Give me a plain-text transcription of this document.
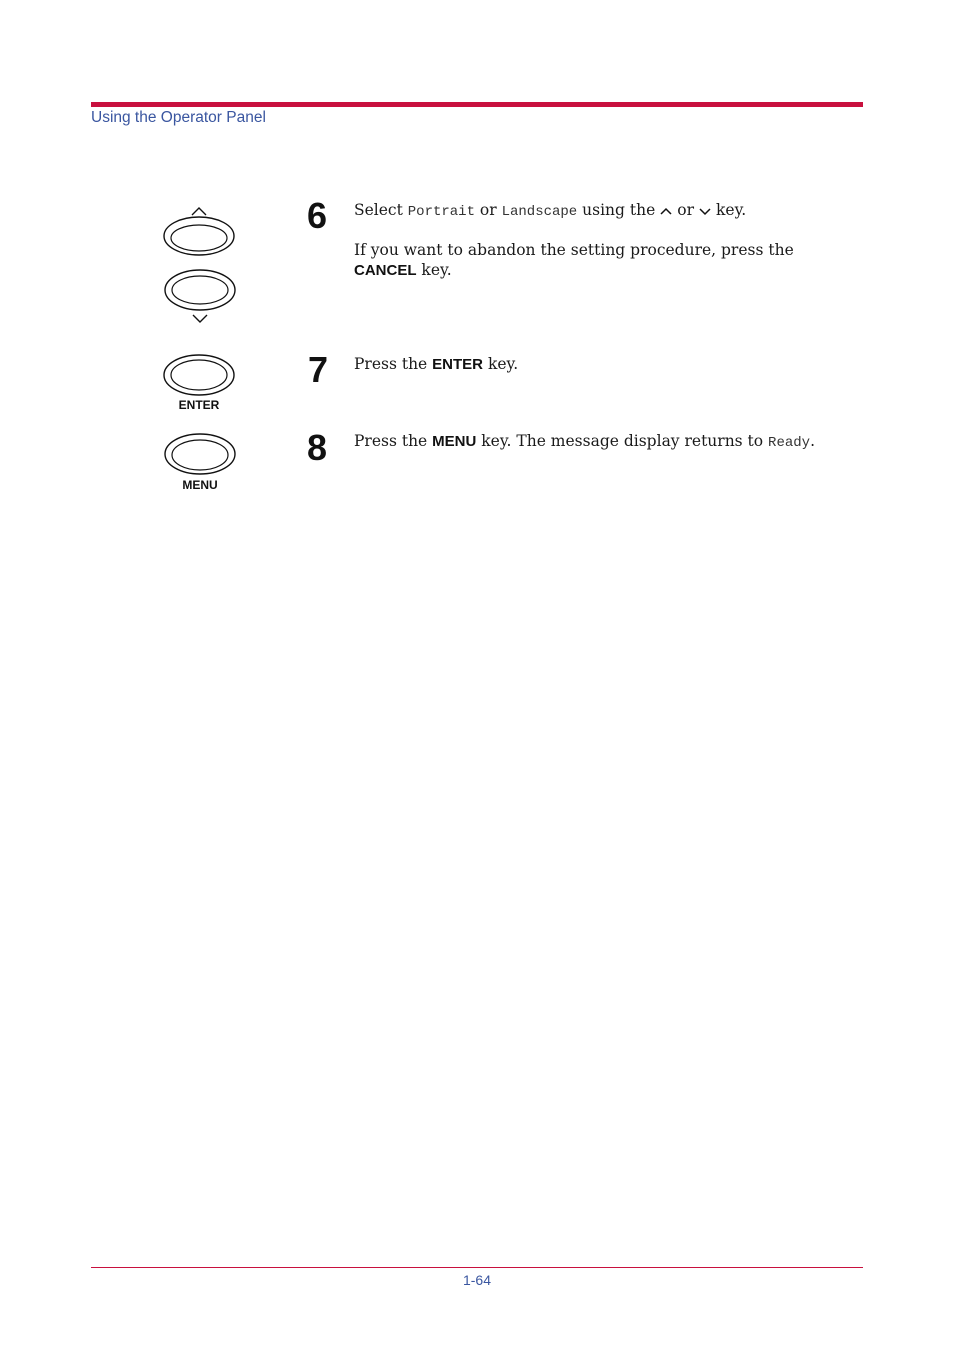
Using the Operator Panel
ENTER
MENU
6 Select Portrait or Landscape using the or key.

If you want to abandon the setting procedure, press the CANCEL key.

7 Press the ENTER key.

8 Press the MENU key. The message display returns to Ready.

1-64
